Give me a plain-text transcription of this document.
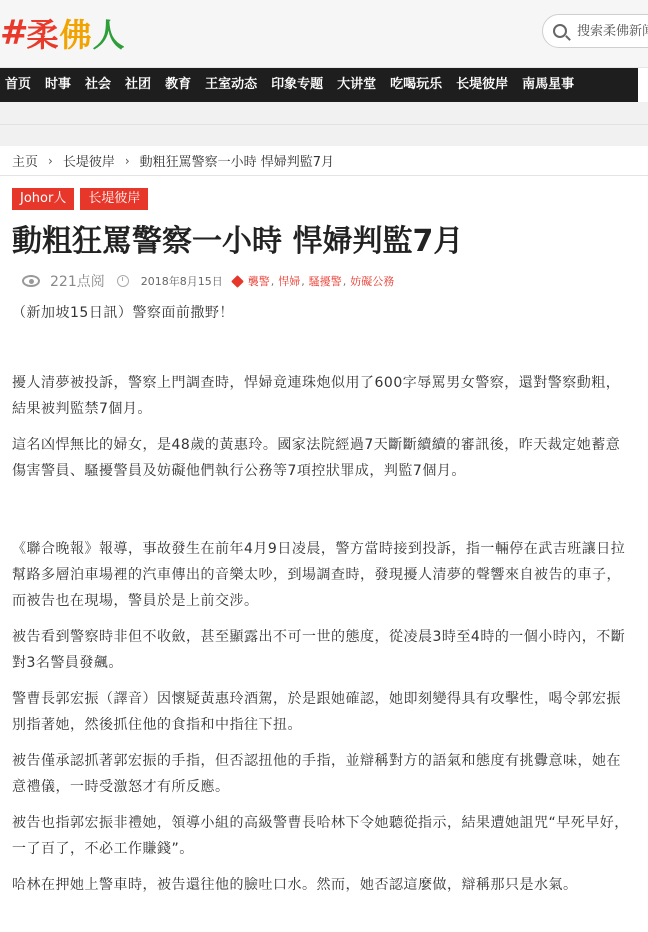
# 柔佛人
搜索柔佛新闻
首页	时事	社会	社团	教育	王室动态	印象专题	大讲堂	吃喝玩乐	长堤彼岸	南馬星事
主页 › 长堤彼岸 › 動粗狂罵警察一小時 悍婦判監7月
Johor人	长堤彼岸
動粗狂罵警察一小時 悍婦判監7月
221点阅	2018年8月15日 襲警 , 悍婦 , 騷擾警 , 妨礙公務

（新加坡15日訊）警察面前撒野！

擾人清夢被投訴，警察上門調查時，悍婦竟連珠炮似用了600字辱罵男女警察，還對警察動粗，結果被判監禁7個月。

這名凶悍無比的婦女，是48歲的黃惠玲。國家法院經過7天斷斷續續的審訊後，昨天裁定她蓄意傷害警員、騷擾警員及妨礙他們執行公務等7項控狀罪成，判監7個月。

《聯合晚報》報導，事故發生在前年4月9日凌晨，警方當時接到投訴，指一輛停在武吉班讓日拉幫路多層泊車場裡的汽車傳出的音樂太吵，到場調查時，發現擾人清夢的聲響來自被告的車子，而被告也在現場，警員於是上前交涉。

被告看到警察時非但不收斂，甚至顯露出不可一世的態度，從凌晨3時至4時的一個小時內，不斷對3名警員發飆。

警曹長郭宏振（譯音）因懷疑黃惠玲酒駕，於是跟她確認，她即刻變得具有攻擊性，喝令郭宏振別指著她，然後抓住他的食指和中指往下扭。

被告僅承認抓著郭宏振的手指，但否認扭他的手指，並辯稱對方的語氣和態度有挑釁意味，她在意禮儀，一時受激怒才有所反應。

被告也指郭宏振非禮她，領導小組的高級警曹長哈林下令她聽從指示，結果遭她詛咒“早死早好，一了百了，不必工作賺錢”。

哈林在押她上警車時，被告還往他的臉吐口水。然而，她否認這麼做，辯稱那只是水氣。
